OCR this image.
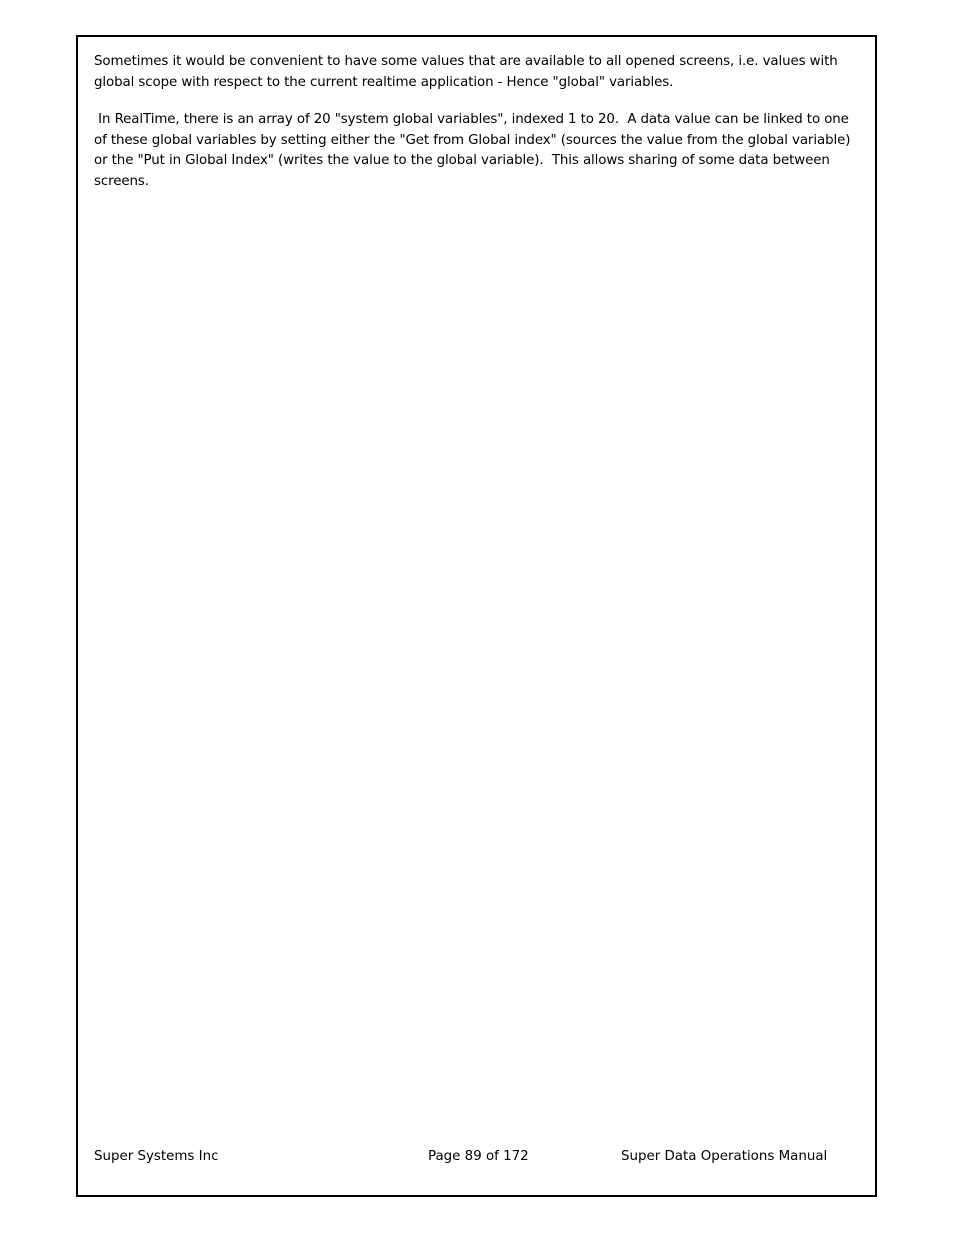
Sometimes it would be convenient to have some values that are available to all opened screens, i.e. values with global scope with respect to the current realtime application - Hence "global" variables.

In RealTime, there is an array of 20 "system global variables", indexed 1 to 20.  A data value can be linked to one of these global variables by setting either the "Get from Global index" (sources the value from the global variable) or the "Put in Global Index" (writes the value to the global variable).  This allows sharing of some data between screens.

Super Systems Inc	Page 89 of 172	Super Data Operations Manual
